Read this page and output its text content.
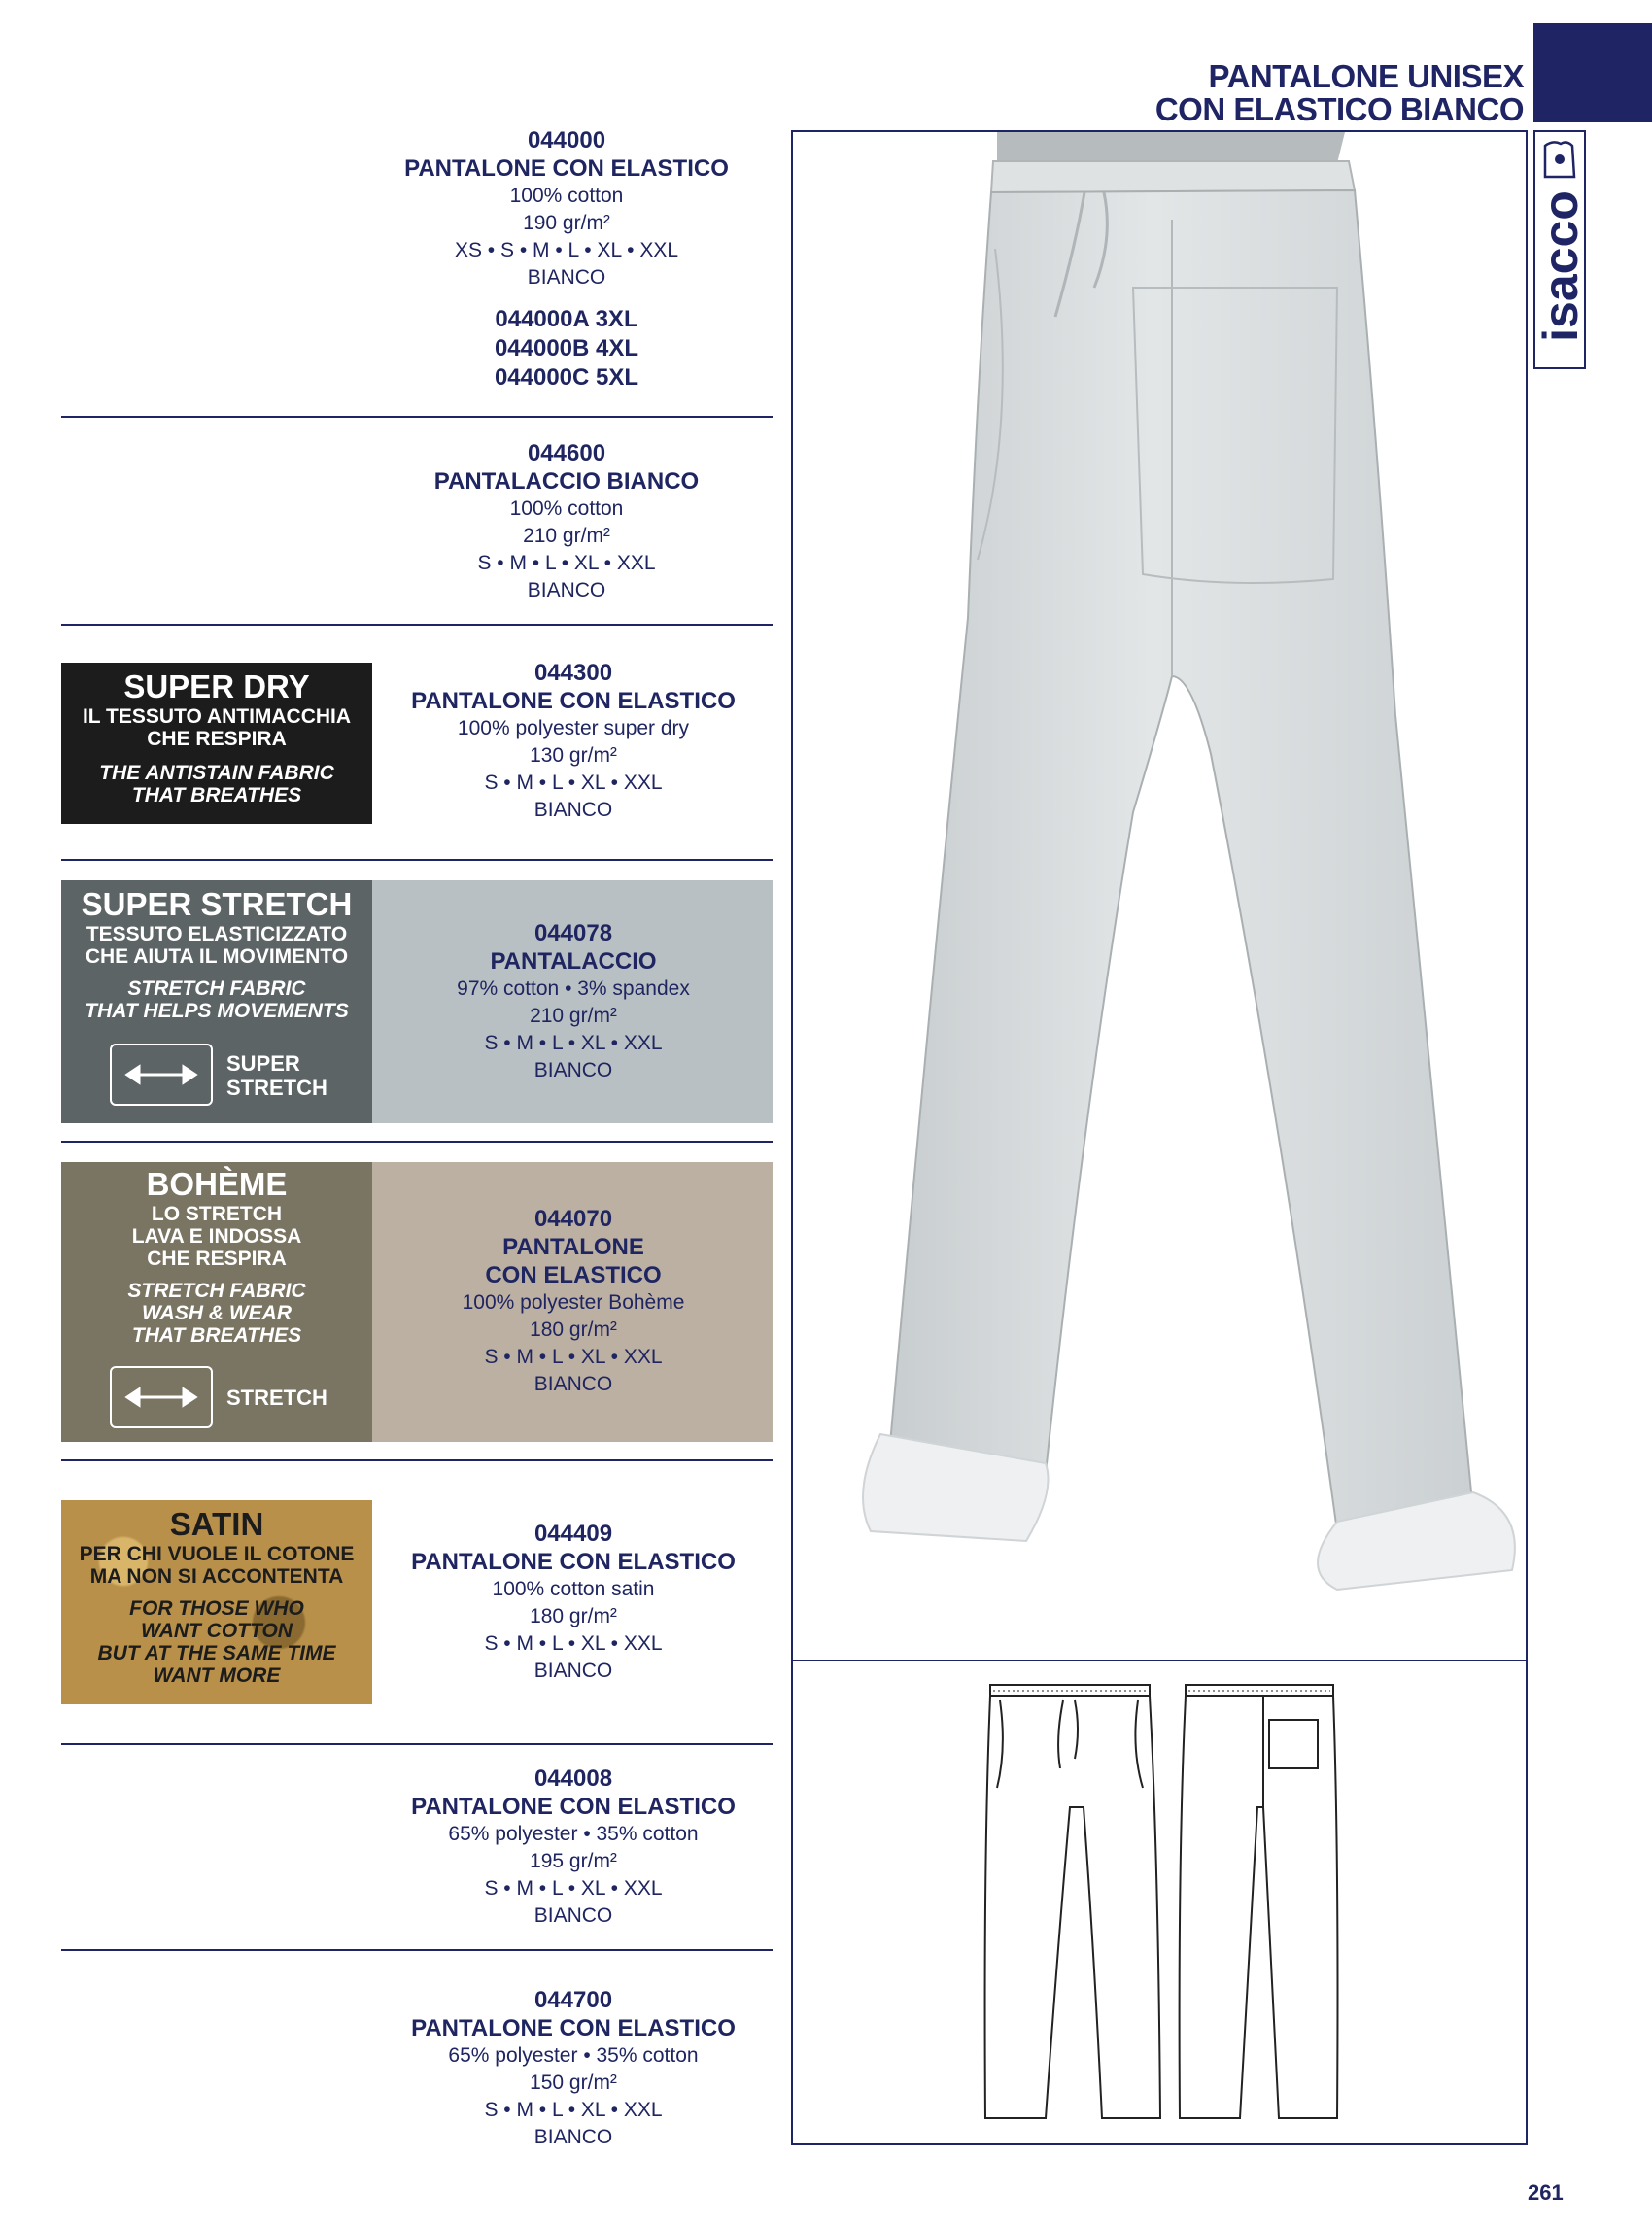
PANTALONE UNISEX
CON ELASTICO BIANCO
isacco
044000
PANTALONE CON ELASTICO
100% cotton
190 gr/m²
XS • S • M • L • XL • XXL
BIANCO
044000A 3XL
044000B 4XL
044000C 5XL
044600
PANTALACCIO BIANCO
100% cotton
210 gr/m²
S • M • L • XL • XXL
BIANCO
SUPER DRY
IL TESSUTO ANTIMACCHIA
CHE RESPIRA
THE ANTISTAIN FABRIC
THAT BREATHES
044300
PANTALONE CON ELASTICO
100% polyester super dry
130 gr/m²
S • M • L • XL • XXL
BIANCO
SUPER STRETCH
TESSUTO ELASTICIZZATO
CHE AIUTA IL MOVIMENTO
STRETCH FABRIC
THAT HELPS MOVEMENTS
SUPER
STRETCH
044078
PANTALACCIO
97% cotton • 3% spandex
210 gr/m²
S • M • L • XL • XXL
BIANCO
BOHÈME
LO STRETCH
LAVA E INDOSSA
CHE RESPIRA
STRETCH FABRIC
WASH & WEAR
THAT BREATHES
STRETCH
044070
PANTALONE
CON ELASTICO
100% polyester Bohème
180 gr/m²
S • M • L • XL • XXL
BIANCO
SATIN
PER CHI VUOLE IL COTONE
MA NON SI ACCONTENTA
FOR THOSE WHO
WANT COTTON
BUT AT THE SAME TIME
WANT MORE
044409
PANTALONE CON ELASTICO
100% cotton satin
180 gr/m²
S • M • L • XL • XXL
BIANCO
044008
PANTALONE CON ELASTICO
65% polyester • 35% cotton
195 gr/m²
S • M • L • XL • XXL
BIANCO
044700
PANTALONE CON ELASTICO
65% polyester • 35% cotton
150 gr/m²
S • M • L • XL • XXL
BIANCO
261
